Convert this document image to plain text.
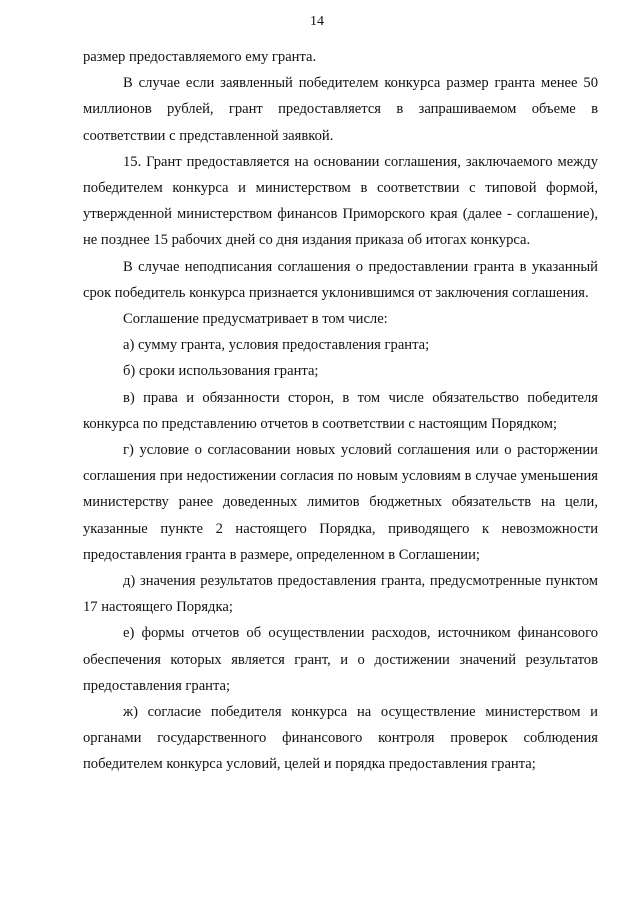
14

размер предоставляемого ему гранта.

В случае если заявленный победителем конкурса размер гранта менее 50 миллионов рублей, грант предоставляется в запрашиваемом объеме в соответствии с представленной заявкой.

15. Грант предоставляется на основании соглашения, заключаемого между победителем конкурса и министерством в соответствии с типовой формой, утвержденной министерством финансов Приморского края (далее - соглашение), не позднее 15 рабочих дней со дня издания приказа об итогах конкурса.

В случае неподписания соглашения о предоставлении гранта в указанный срок победитель конкурса признается уклонившимся от заключения соглашения.

Соглашение предусматривает в том числе:

а) сумму гранта, условия предоставления гранта;

б) сроки использования гранта;

в) права и обязанности сторон, в том числе обязательство победителя конкурса по представлению отчетов в соответствии с настоящим Порядком;

г) условие о согласовании новых условий соглашения или о расторжении соглашения при недостижении согласия по новым условиям в случае уменьшения министерству ранее доведенных лимитов бюджетных обязательств на цели, указанные пункте 2 настоящего Порядка, приводящего к невозможности предоставления гранта в размере, определенном в Соглашении;

д) значения результатов предоставления гранта, предусмотренные пунктом 17 настоящего Порядка;

е) формы отчетов об осуществлении расходов, источником финансового обеспечения которых является грант, и о достижении значений результатов предоставления гранта;

ж) согласие победителя конкурса на осуществление министерством и органами государственного финансового контроля проверок соблюдения победителем конкурса условий, целей и порядка предоставления гранта;
